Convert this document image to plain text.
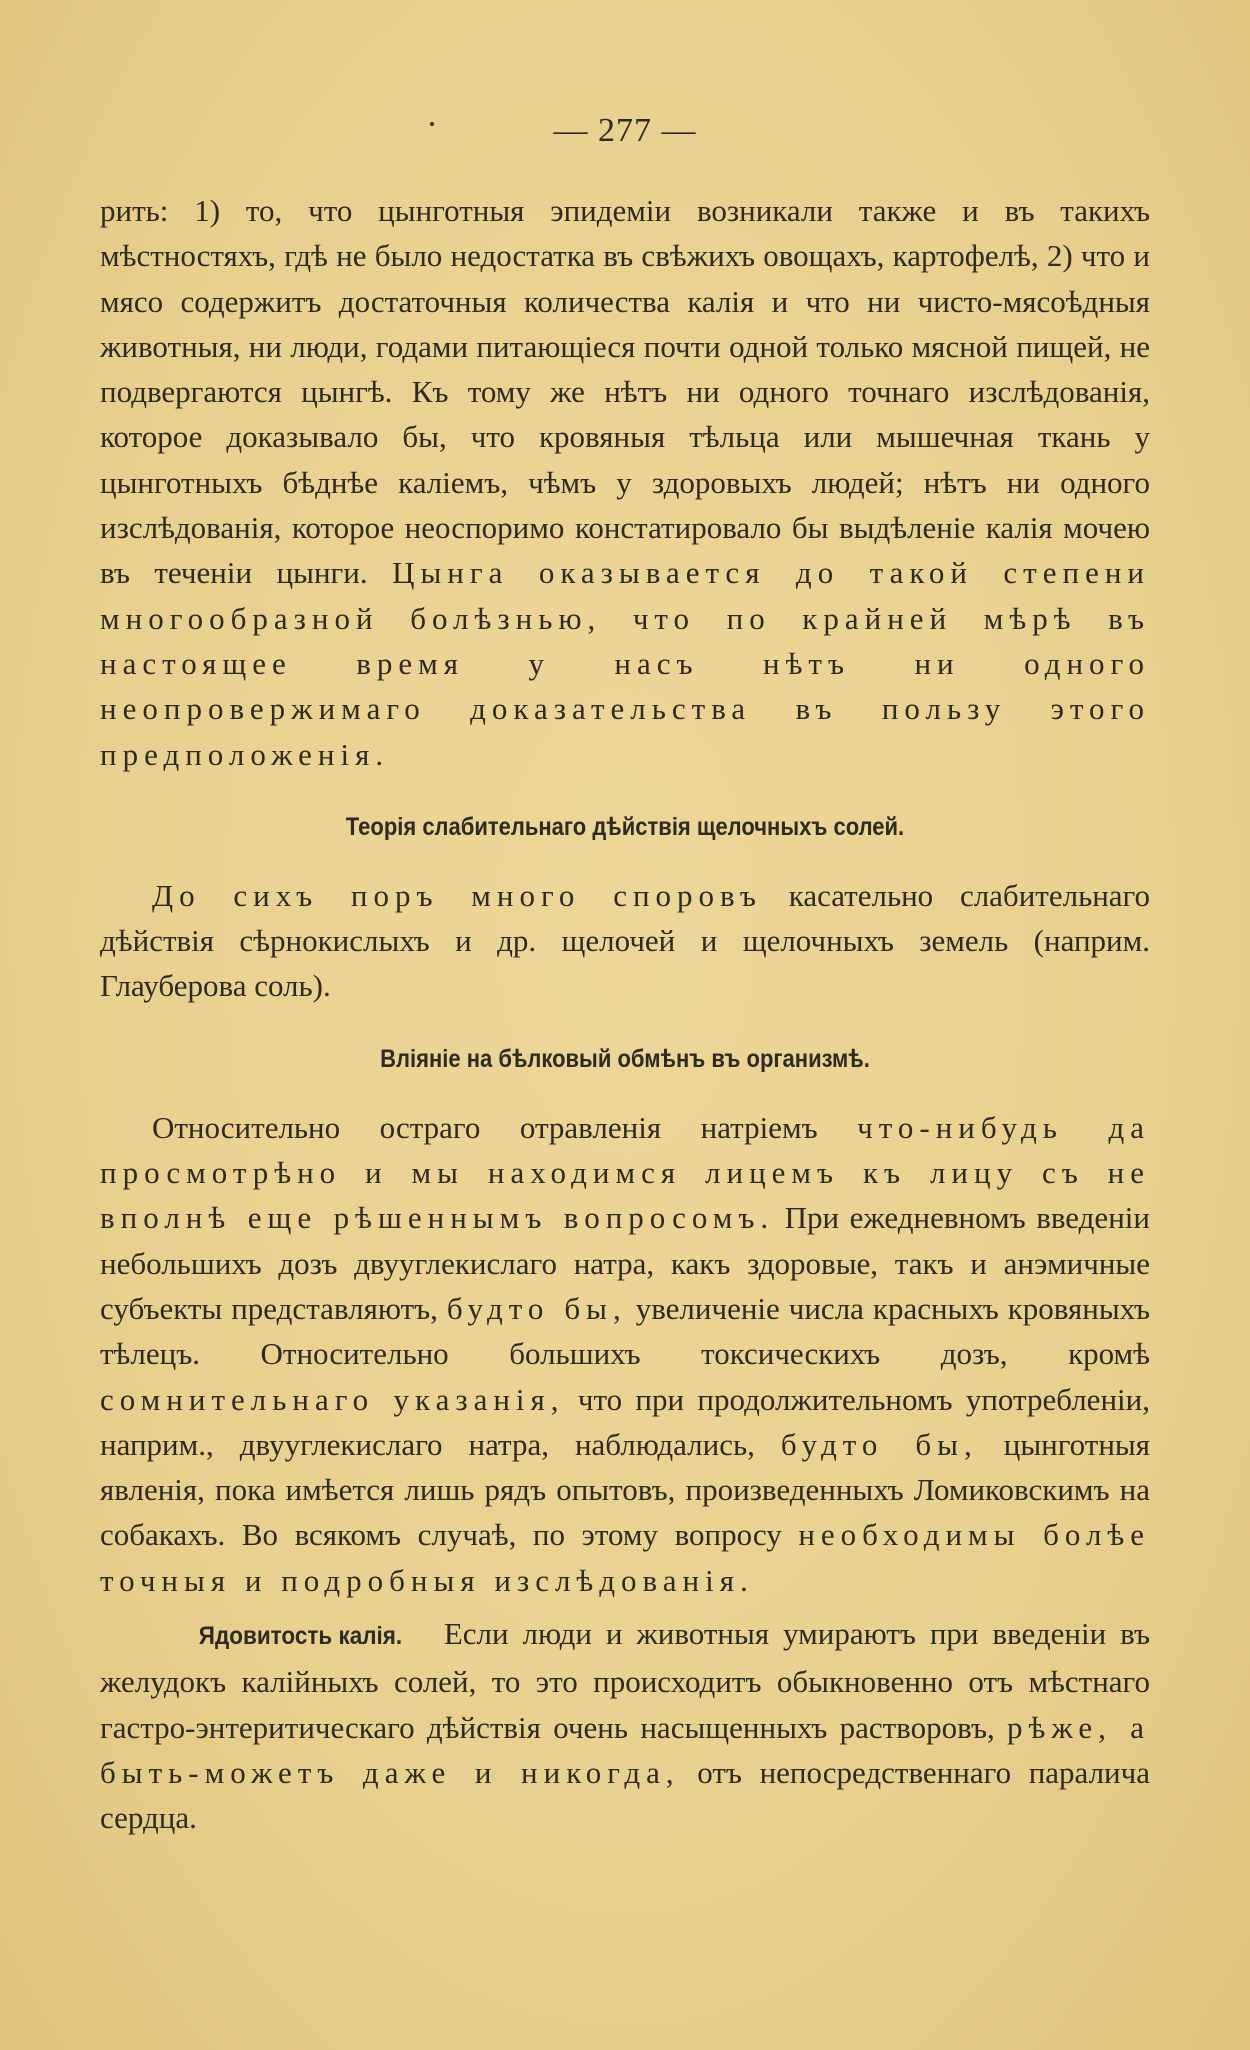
— 277 —

рить: 1) то, что цынготныя эпидеміи возникали также и въ такихъ мѣстностяхъ, гдѣ не было недостатка въ свѣжихъ овощахъ, картофелѣ, 2) что и мясо содержитъ достаточныя количества калія и что ни чисто-мясоѣдныя животныя, ни люди, годами питающіеся почти одной только мясной пищей, не подвергаются цынгѣ. Къ тому же нѣтъ ни одного точнаго изслѣдованія, которое доказывало бы, что кровяныя тѣльца или мышечная ткань у цынготныхъ бѣднѣе каліемъ, чѣмъ у здоровыхъ людей; нѣтъ ни одного изслѣдованія, которое неоспоримо констатировало бы выдѣленіе калія мочею въ теченіи цынги. Цынга оказывается до такой степени многообразной болѣзнью, что по крайней мѣрѣ въ настоящее время у насъ нѣтъ ни одного неопровержимаго доказательства въ пользу этого предположенія.

Теорія слабительнаго дѣйствія щелочныхъ солей.

До сихъ поръ много споровъ касательно слабительнаго дѣйствія сѣрнокислыхъ и др. щелочей и щелочныхъ земель (наприм. Глауберова соль).

Вліяніе на бѣлковый обмѣнъ въ организмѣ.

Относительно остраго отравленія натріемъ что-нибудь да просмотрѣно и мы находимся лицемъ къ лицу съ не вполнѣ еще рѣшеннымъ вопросомъ. При ежедневномъ введеніи небольшихъ дозъ двууглекислаго натра, какъ здоровые, такъ и анэмичные субъекты представляютъ, будто бы, увеличеніе числа красныхъ кровяныхъ тѣлецъ. Относительно большихъ токсическихъ дозъ, кромѣ сомнительнаго указанія, что при продолжительномъ употребленіи, наприм., двууглекислаго натра, наблюдались, будто бы, цынготныя явленія, пока имѣется лишь рядъ опытовъ, произведенныхъ Ломиковскимъ на собакахъ. Во всякомъ случаѣ, по этому вопросу необходимы болѣе точныя и подробныя изслѣдованія.

Ядовитость калія. Если люди и животныя умираютъ при введеніи въ желудокъ калійныхъ солей, то это происходитъ обыкновенно отъ мѣстнаго гастро-энтеритическаго дѣйствія очень насыщенныхъ растворовъ, рѣже, а быть-можетъ даже и никогда, отъ непосредственнаго паралича сердца.
